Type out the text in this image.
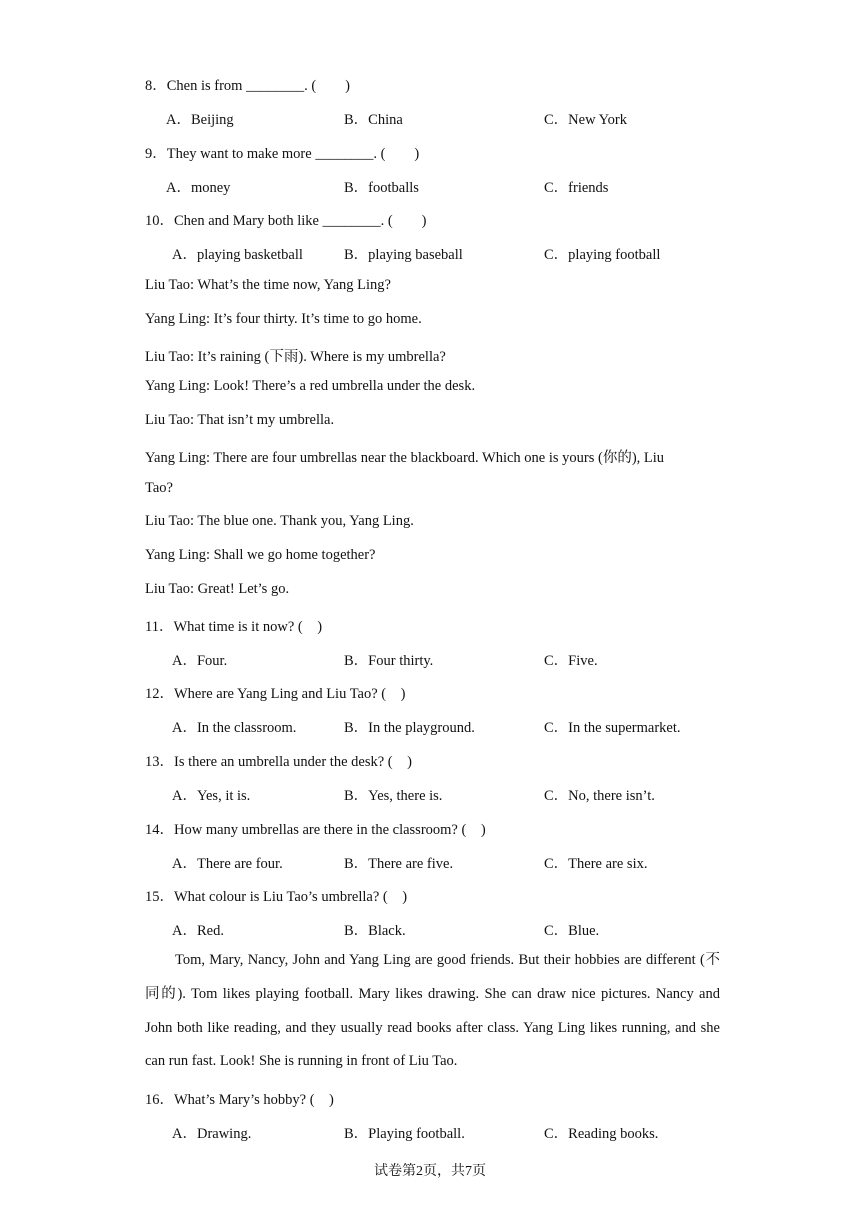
8．Chen is from ________. (　　)
A．Beijing	B．China	C．New York
9．They want to make more ________. (　　)
A．money	B．footballs	C．friends
10．Chen and Mary both like ________. (　　)
A．playing basketball	B．playing baseball	C．playing football
Liu Tao: What’s the time now, Yang Ling?
Yang Ling: It’s four thirty. It’s time to go home.
Liu Tao: It’s raining (下雨). Where is my umbrella?
Yang Ling: Look! There’s a red umbrella under the desk.
Liu Tao: That isn’t my umbrella.
Yang Ling: There are four umbrellas near the blackboard. Which one is yours (你的), Liu
Tao?
Liu Tao: The blue one. Thank you, Yang Ling.
Yang Ling: Shall we go home together?
Liu Tao: Great! Let’s go.
11．What time is it now? (　)
A．Four.	B．Four thirty.	C．Five.
12．Where are Yang Ling and Liu Tao? (　)
A．In the classroom.	B．In the playground.	C．In the supermarket.
13．Is there an umbrella under the desk? (　)
A．Yes, it is.	B．Yes, there is.	C．No, there isn’t.
14．How many umbrellas are there in the classroom? (　)
A．There are four.	B．There are five.	C．There are six.
15．What colour is Liu Tao’s umbrella? (　)
A．Red.	B．Black.	C．Blue.
Tom, Mary, Nancy, John and Yang Ling are good friends. But their hobbies are different (不同的). Tom likes playing football. Mary likes drawing. She can draw nice pictures. Nancy and John both like reading, and they usually read books after class. Yang Ling likes running, and she can run fast. Look! She is running in front of Liu Tao.
16．What’s Mary’s hobby? (　)
A．Drawing.	B．Playing football.	C．Reading books.
试卷第2页，共7页
